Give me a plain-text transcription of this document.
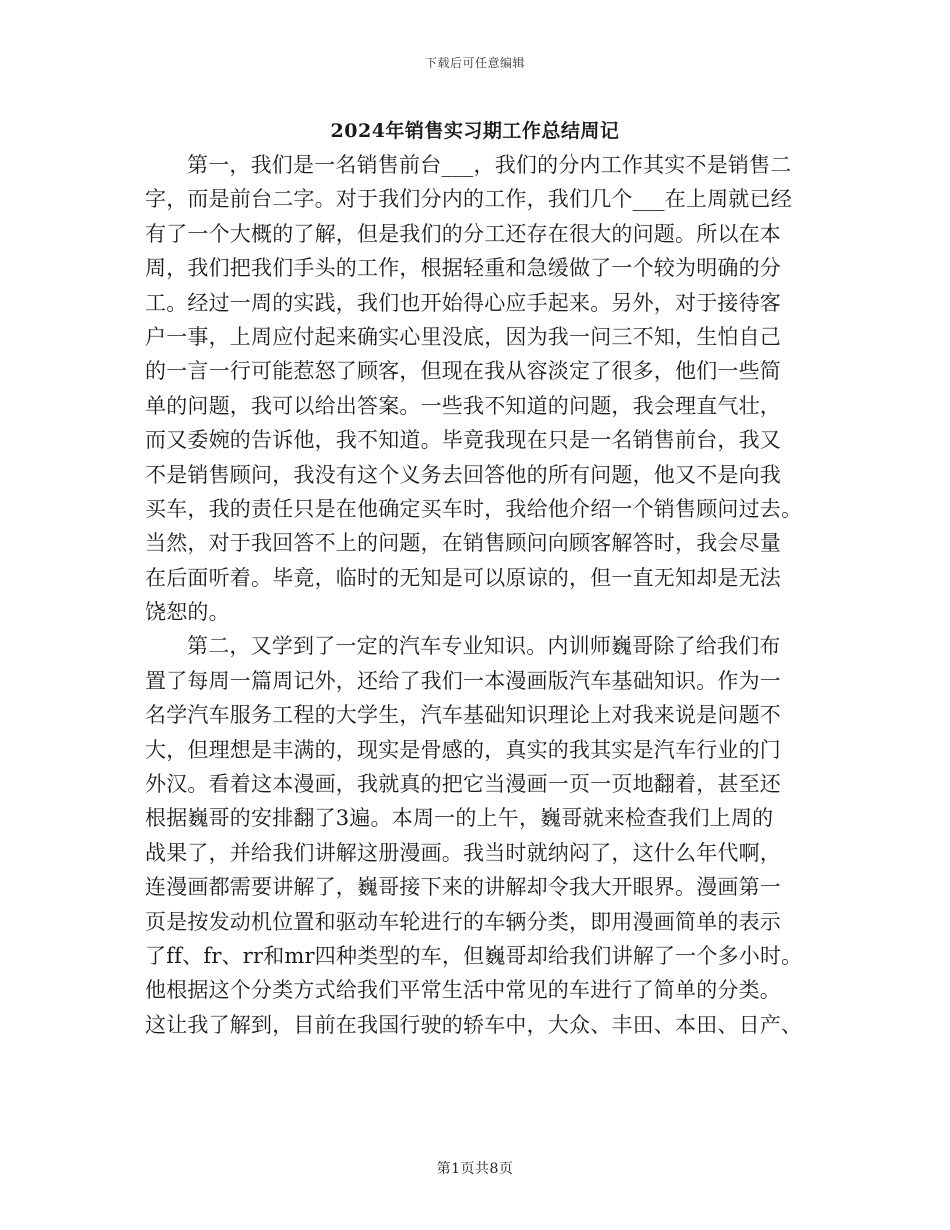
下载后可任意编辑
2024年销售实习期工作总结周记
第一，我们是一名销售前台___，我们的分内工作其实不是销售二
字，而是前台二字。对于我们分内的工作，我们几个___在上周就已经
有了一个大概的了解，但是我们的分工还存在很大的问题。所以在本
周，我们把我们手头的工作，根据轻重和急缓做了一个较为明确的分
工。经过一周的实践，我们也开始得心应手起来。另外，对于接待客
户一事，上周应付起来确实心里没底，因为我一问三不知，生怕自己
的一言一行可能惹怒了顾客，但现在我从容淡定了很多，他们一些简
单的问题，我可以给出答案。一些我不知道的问题，我会理直气壮，
而又委婉的告诉他，我不知道。毕竟我现在只是一名销售前台，我又
不是销售顾问，我没有这个义务去回答他的所有问题，他又不是向我
买车，我的责任只是在他确定买车时，我给他介绍一个销售顾问过去。
当然，对于我回答不上的问题，在销售顾问向顾客解答时，我会尽量
在后面听着。毕竟，临时的无知是可以原谅的，但一直无知却是无法
饶恕的。
第二，又学到了一定的汽车专业知识。内训师巍哥除了给我们布
置了每周一篇周记外，还给了我们一本漫画版汽车基础知识。作为一
名学汽车服务工程的大学生，汽车基础知识理论上对我来说是问题不
大，但理想是丰满的，现实是骨感的，真实的我其实是汽车行业的门
外汉。看着这本漫画，我就真的把它当漫画一页一页地翻着，甚至还
根据巍哥的安排翻了3遍。本周一的上午，巍哥就来检查我们上周的
战果了，并给我们讲解这册漫画。我当时就纳闷了，这什么年代啊，
连漫画都需要讲解了，巍哥接下来的讲解却令我大开眼界。漫画第一
页是按发动机位置和驱动车轮进行的车辆分类，即用漫画简单的表示
了ff、fr、rr和mr四种类型的车，但巍哥却给我们讲解了一个多小时。
他根据这个分类方式给我们平常生活中常见的车进行了简单的分类。
这让我了解到，目前在我国行驶的轿车中，大众、丰田、本田、日产、
第1页共8页
